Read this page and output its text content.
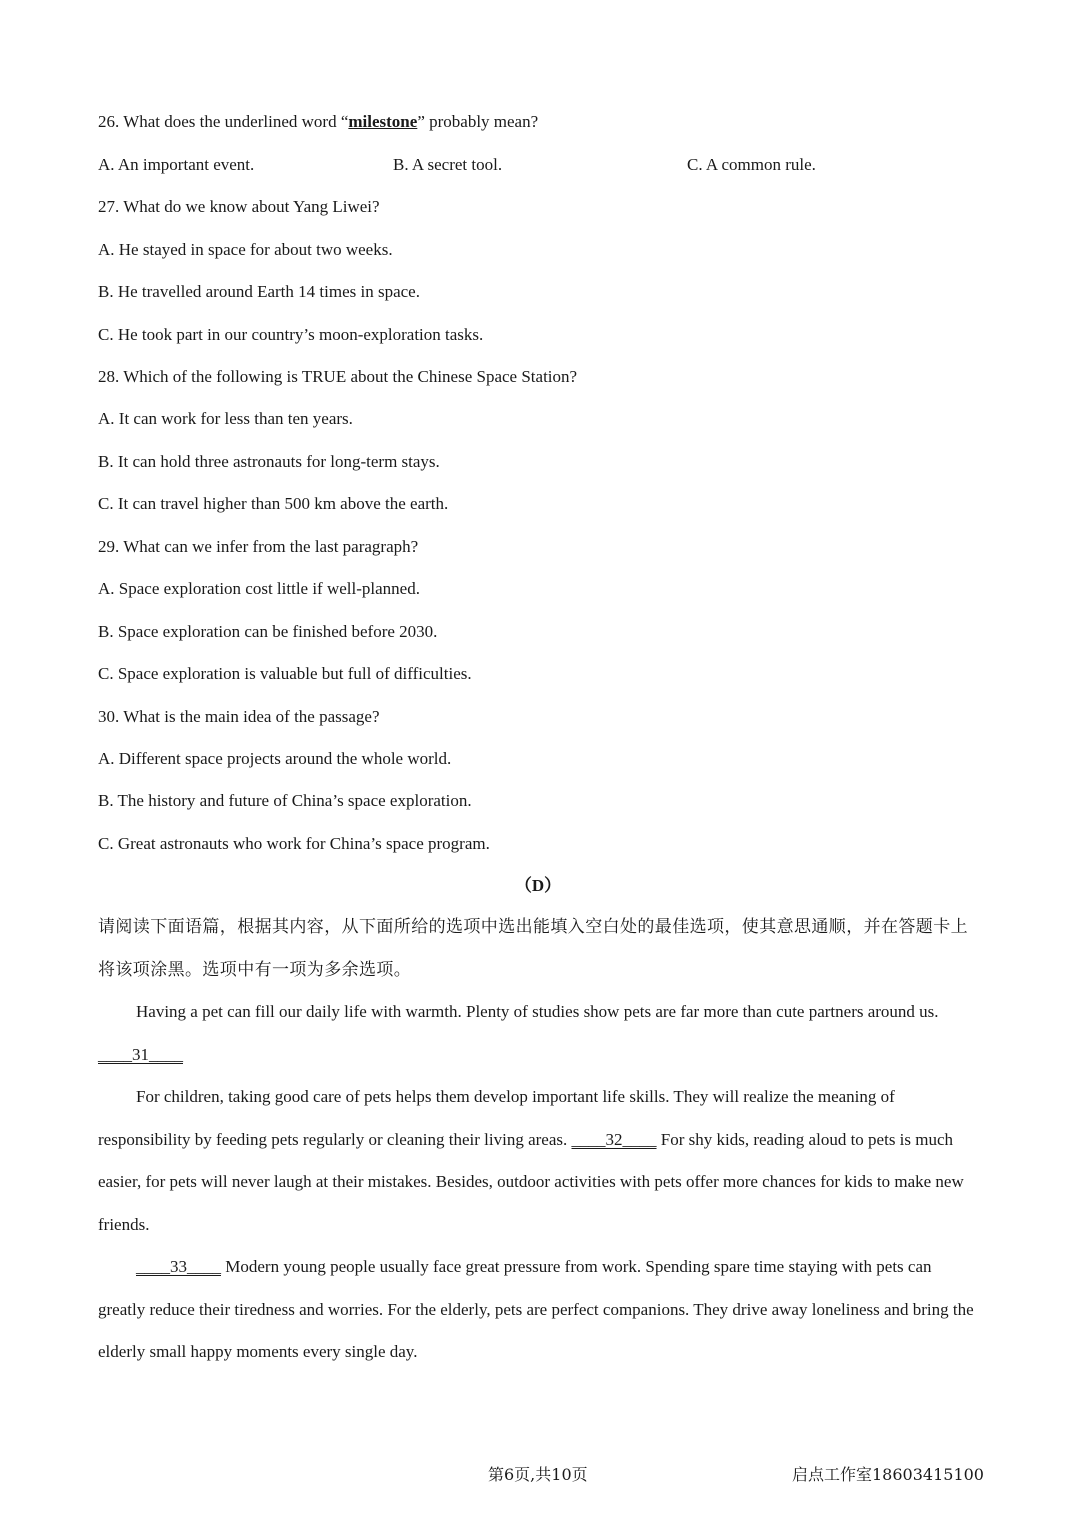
26. What does the underlined word “milestone” probably mean?
A. An important event.	B. A secret tool.	C. A common rule.
27. What do we know about Yang Liwei?
A. He stayed in space for about two weeks.
B. He travelled around Earth 14 times in space.
C. He took part in our country’s moon-exploration tasks.
28. Which of the following is TRUE about the Chinese Space Station?
A. It can work for less than ten years.
B. It can hold three astronauts for long-term stays.
C. It can travel higher than 500 km above the earth.
29. What can we infer from the last paragraph?
A. Space exploration cost little if well-planned.
B. Space exploration can be finished before 2030.
C. Space exploration is valuable but full of difficulties.
30. What is the main idea of the passage?
A. Different space projects around the whole world.
B. The history and future of China’s space exploration.
C. Great astronauts who work for China’s space program.
（D）
请阅读下面语篇，根据其内容，从下面所给的选项中选出能填入空白处的最佳选项，使其意思通顺，并在答题卡上将该项涂黑。选项中有一项为多余选项。
Having a pet can fill our daily life with warmth. Plenty of studies show pets are far more than cute partners around us. ____31____
For children, taking good care of pets helps them develop important life skills. They will realize the meaning of responsibility by feeding pets regularly or cleaning their living areas. ____32____ For shy kids, reading aloud to pets is much easier, for pets will never laugh at their mistakes. Besides, outdoor activities with pets offer more chances for kids to make new friends.
____33____ Modern young people usually face great pressure from work. Spending spare time staying with pets can greatly reduce their tiredness and worries. For the elderly, pets are perfect companions. They drive away loneliness and bring the elderly small happy moments every single day.
第6页,共10页	启点工作室18603415100
